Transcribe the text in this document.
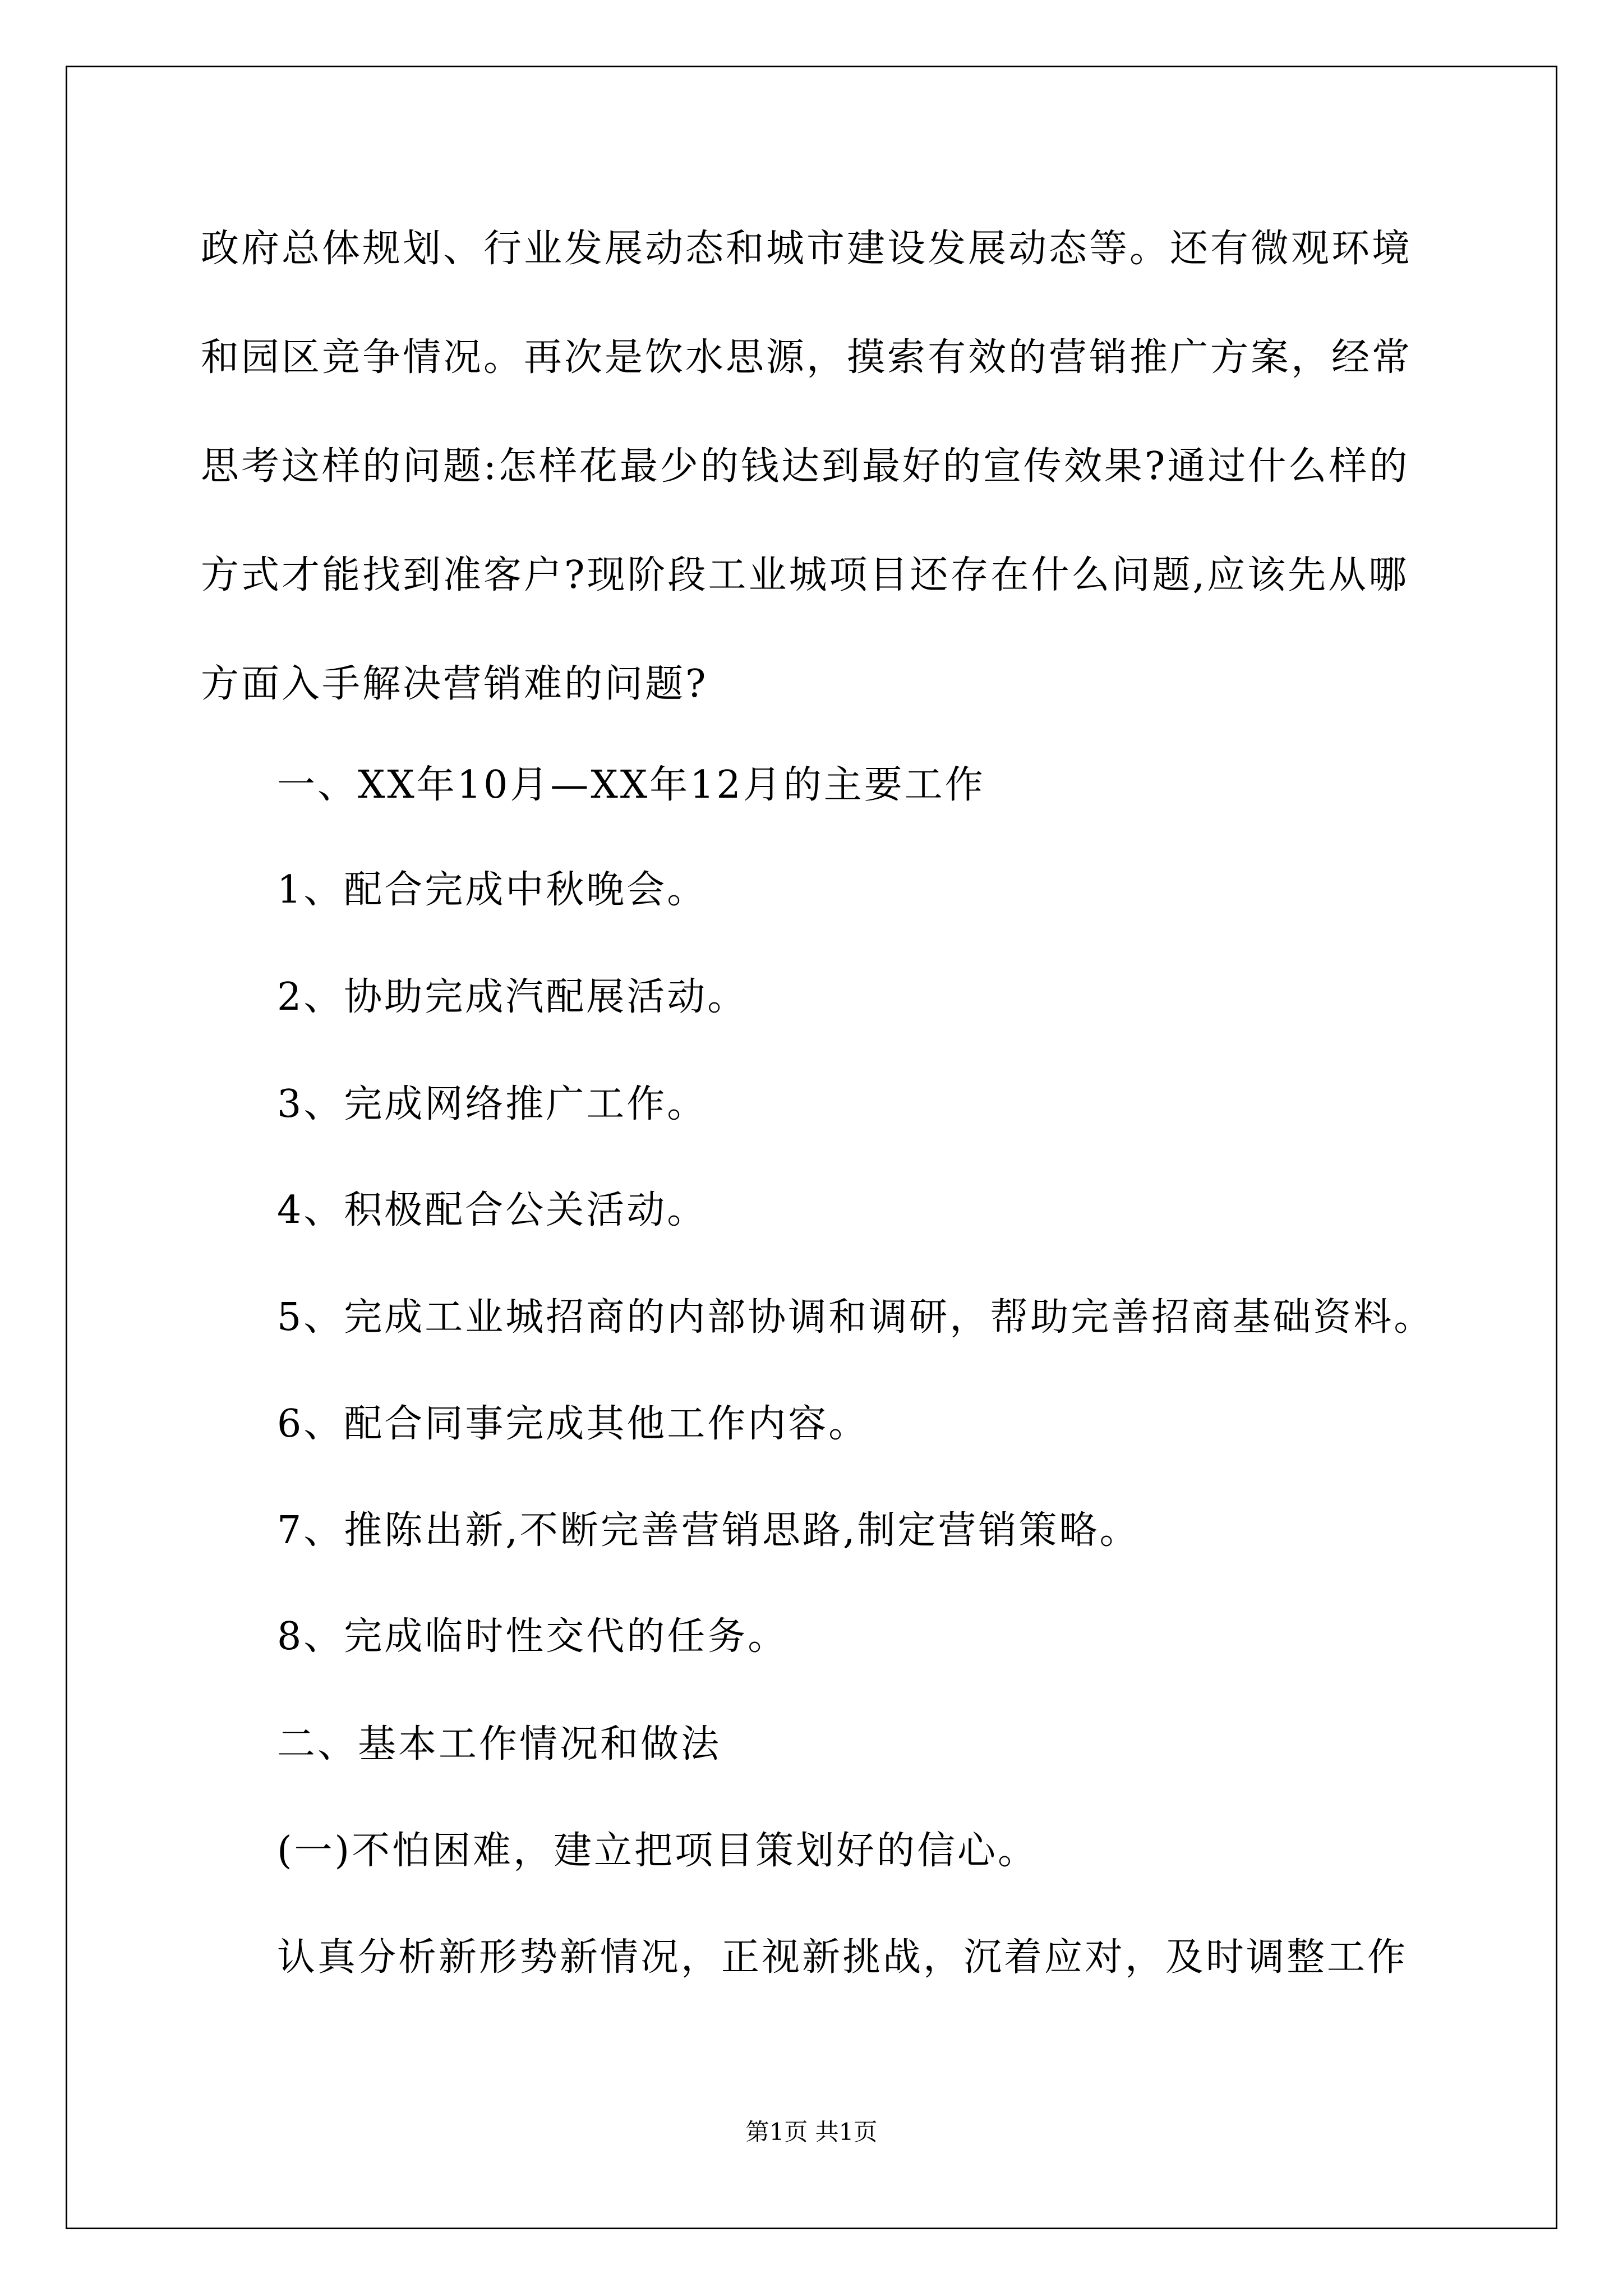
政府总体规划、行业发展动态和城市建设发展动态等。还有微观环境
和园区竞争情况。再次是饮水思源，摸索有效的营销推广方案，经常
思考这样的问题:怎样花最少的钱达到最好的宣传效果?通过什么样的
方式才能找到准客户?现阶段工业城项目还存在什么问题,应该先从哪
方面入手解决营销难的问题?
一、XX年10月—XX年12月的主要工作
1、配合完成中秋晚会。
2、协助完成汽配展活动。
3、完成网络推广工作。
4、积极配合公关活动。
5、完成工业城招商的内部协调和调研，帮助完善招商基础资料。
6、配合同事完成其他工作内容。
7、推陈出新,不断完善营销思路,制定营销策略。
8、完成临时性交代的任务。
二、基本工作情况和做法
(一)不怕困难，建立把项目策划好的信心。
认真分析新形势新情况，正视新挑战，沉着应对，及时调整工作
第1页 共1页
